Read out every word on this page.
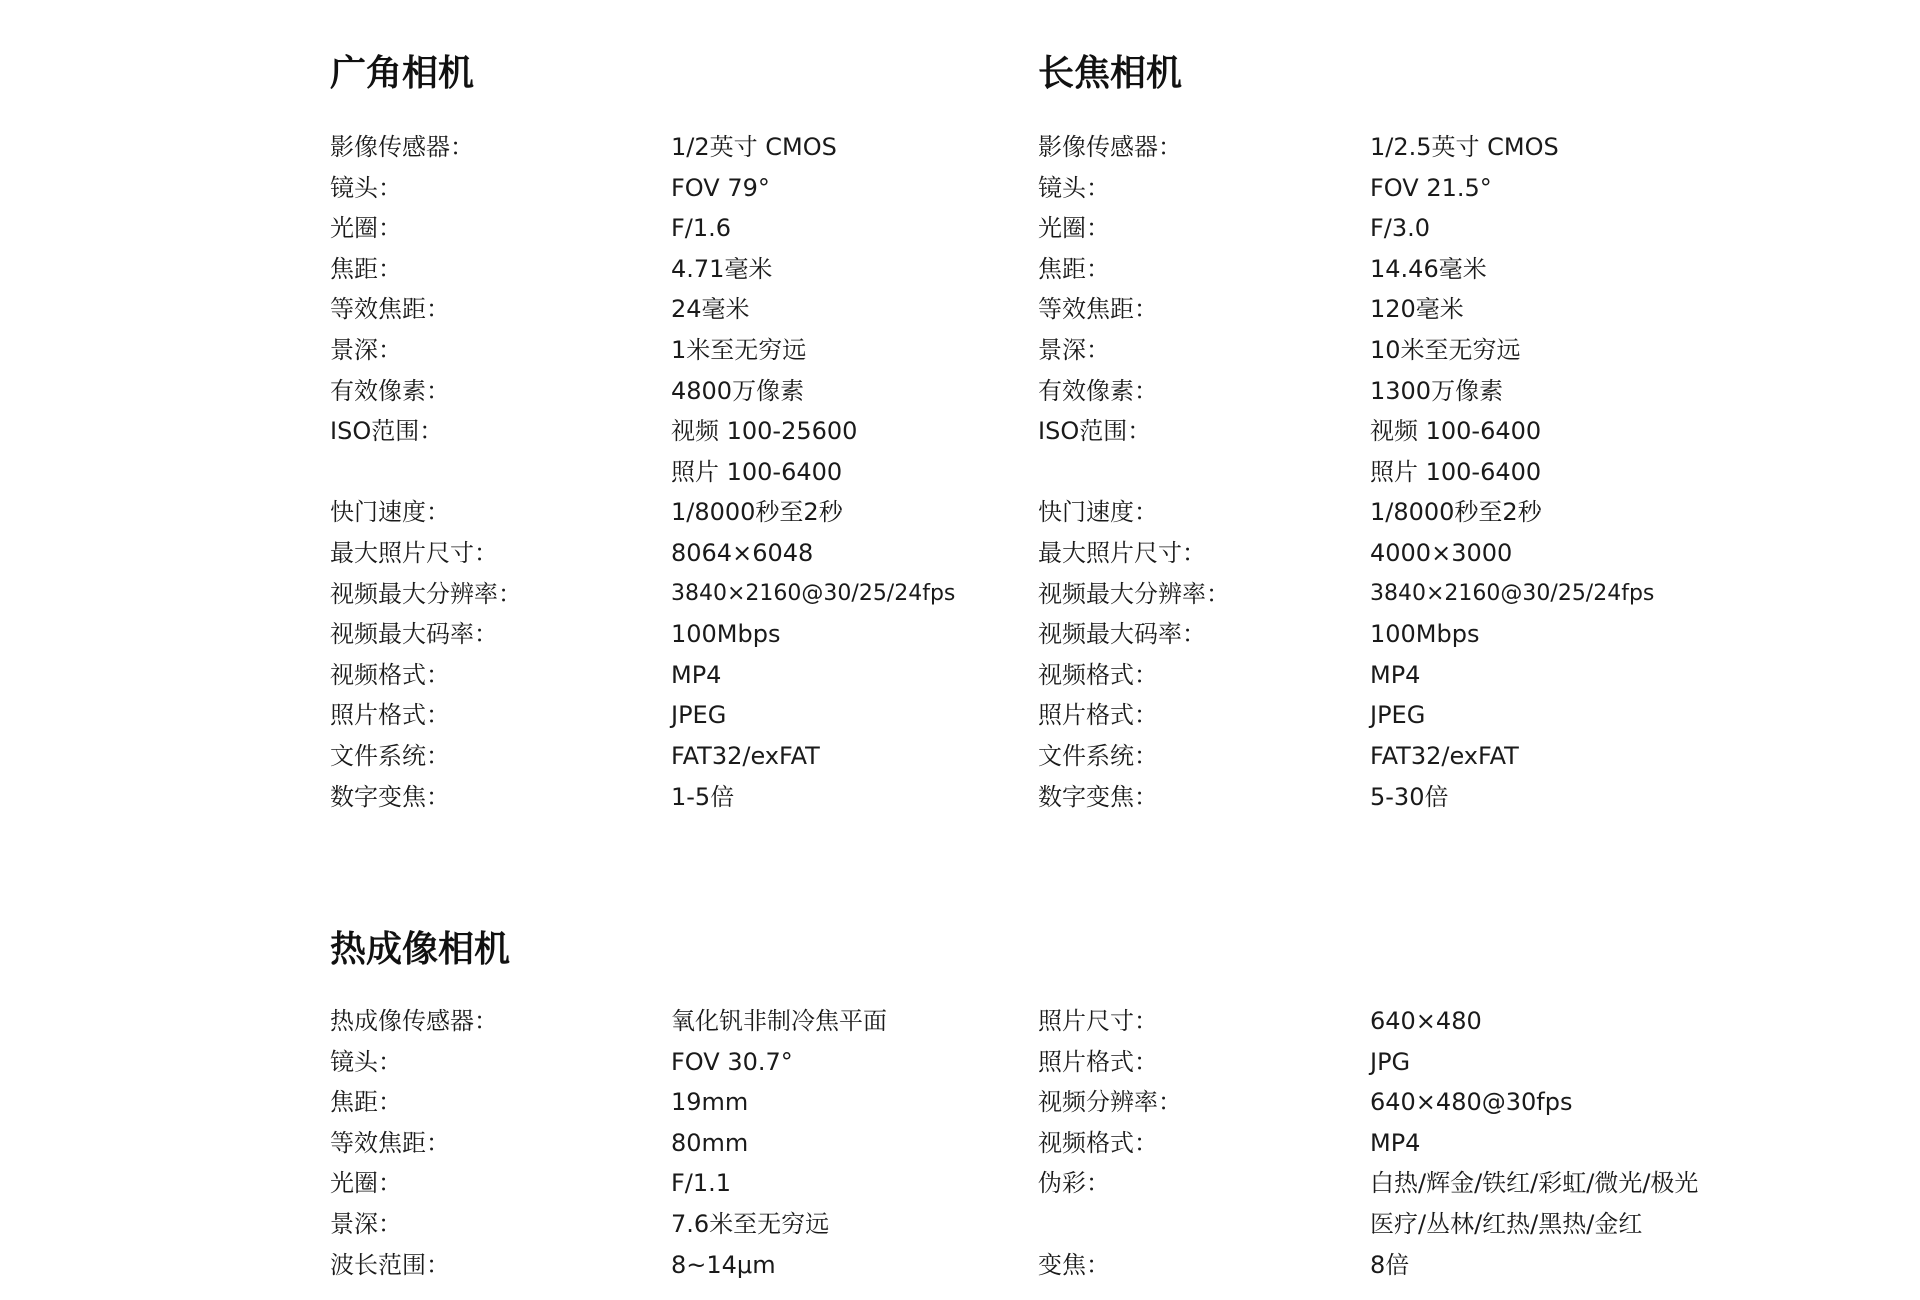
广角相机
影像传感器：	1/2英寸 CMOS
镜头：	FOV 79°
光圈：	F/1.6
焦距：	4.71毫米
等效焦距：	24毫米
景深：	1米至无穷远
有效像素：	4800万像素
ISO范围：	视频 100-25600
照片 100-6400
快门速度：	1/8000秒至2秒
最大照片尺寸：	8064×6048
视频最大分辨率：	3840×2160@30/25/24fps
视频最大码率：	100Mbps
视频格式：	MP4
照片格式：	JPEG
文件系统：	FAT32/exFAT
数字变焦：	1-5倍
长焦相机
影像传感器：	1/2.5英寸 CMOS
镜头：	FOV 21.5°
光圈：	F/3.0
焦距：	14.46毫米
等效焦距：	120毫米
景深：	10米至无穷远
有效像素：	1300万像素
ISO范围：	视频 100-6400
照片 100-6400
快门速度：	1/8000秒至2秒
最大照片尺寸：	4000×3000
视频最大分辨率：	3840×2160@30/25/24fps
视频最大码率：	100Mbps
视频格式：	MP4
照片格式：	JPEG
文件系统：	FAT32/exFAT
数字变焦：	5-30倍
热成像相机
热成像传感器：	氧化钒非制冷焦平面
镜头：	FOV 30.7°
焦距：	19mm
等效焦距：	80mm
光圈：	F/1.1
景深：	7.6米至无穷远
波长范围：	8~14μm
照片尺寸：	640×480
照片格式：	JPG
视频分辨率：	640×480@30fps
视频格式：	MP4
伪彩：	白热/辉金/铁红/彩虹/微光/极光
医疗/丛林/红热/黑热/金红
变焦：	8倍
